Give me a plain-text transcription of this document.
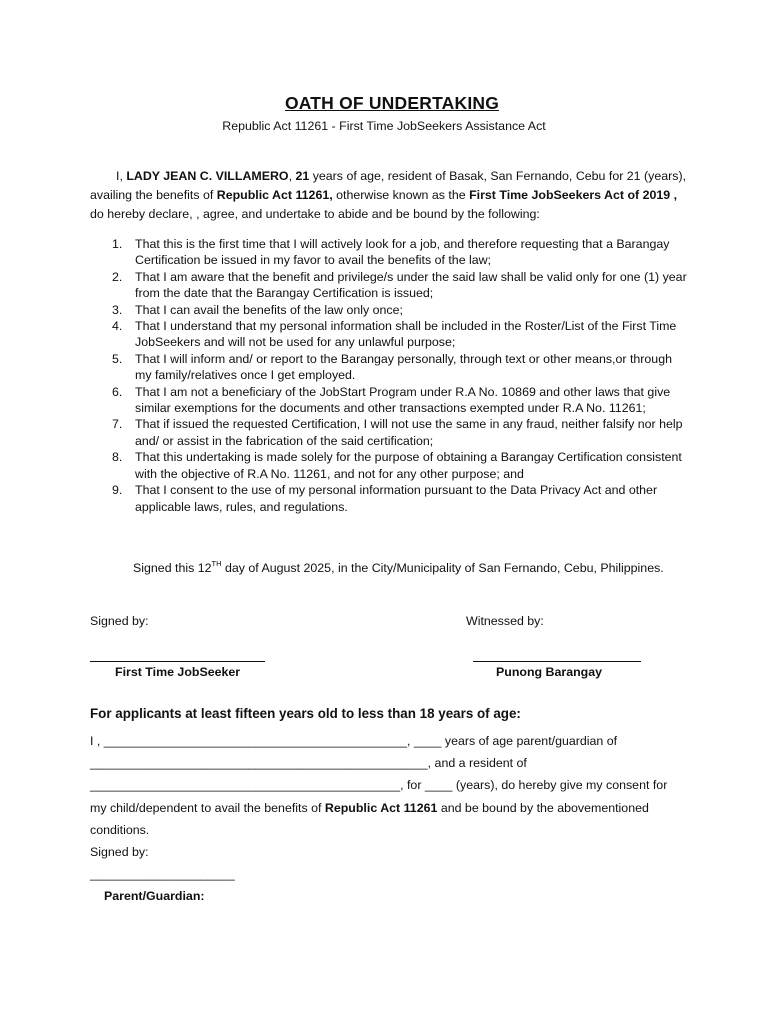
OATH OF UNDERTAKING
Republic Act 11261 - First Time JobSeekers Assistance Act
I, LADY JEAN C. VILLAMERO, 21 years of age, resident of Basak, San Fernando, Cebu for 21 (years), availing the benefits of Republic Act 11261, otherwise known as the First Time JobSeekers Act of 2019 , do hereby declare, , agree, and undertake to abide and be bound by the following:
1. That this is the first time that I will actively look for a job, and therefore requesting that a Barangay Certification be issued in my favor to avail the benefits of the law;
2. That I am aware that the benefit and privilege/s under the said law shall be valid only for one (1) year from the date that the Barangay Certification is issued;
3. That I can avail the benefits of the law only once;
4. That I understand that my personal information shall be included in the Roster/List of the First Time JobSeekers and will not be used for any unlawful purpose;
5. That I will inform and/ or report to the Barangay personally, through text or other means,or through my family/relatives once I get employed.
6. That I am not a beneficiary of the JobStart Program under R.A No. 10869 and other laws that give similar exemptions for the documents and other transactions exempted under R.A No. 11261;
7. That if issued the requested Certification, I will not use the same in any fraud, neither falsify nor help and/ or assist in the fabrication of the said certification;
8. That this undertaking is made solely for the purpose of obtaining a Barangay Certification consistent with the objective of R.A No. 11261, and not for any other purpose; and
9. That I consent to the use of my personal information pursuant to the Data Privacy Act and other applicable laws, rules, and regulations.
Signed this 12TH day of August 2025, in the City/Municipality of San Fernando, Cebu, Philippines.
Signed by:	Witnessed by:
First Time JobSeeker	Punong Barangay
For applicants at least fifteen years old to less than 18 years of age:
I , ____________________________________________, ____ years of age parent/guardian of
_________________________________________________, and a resident of
_____________________________________________, for ____ (years), do hereby give my consent for
my child/dependent to avail the benefits of Republic Act 11261 and be bound by the abovementioned
conditions.
Signed by:
_____________________
Parent/Guardian:
